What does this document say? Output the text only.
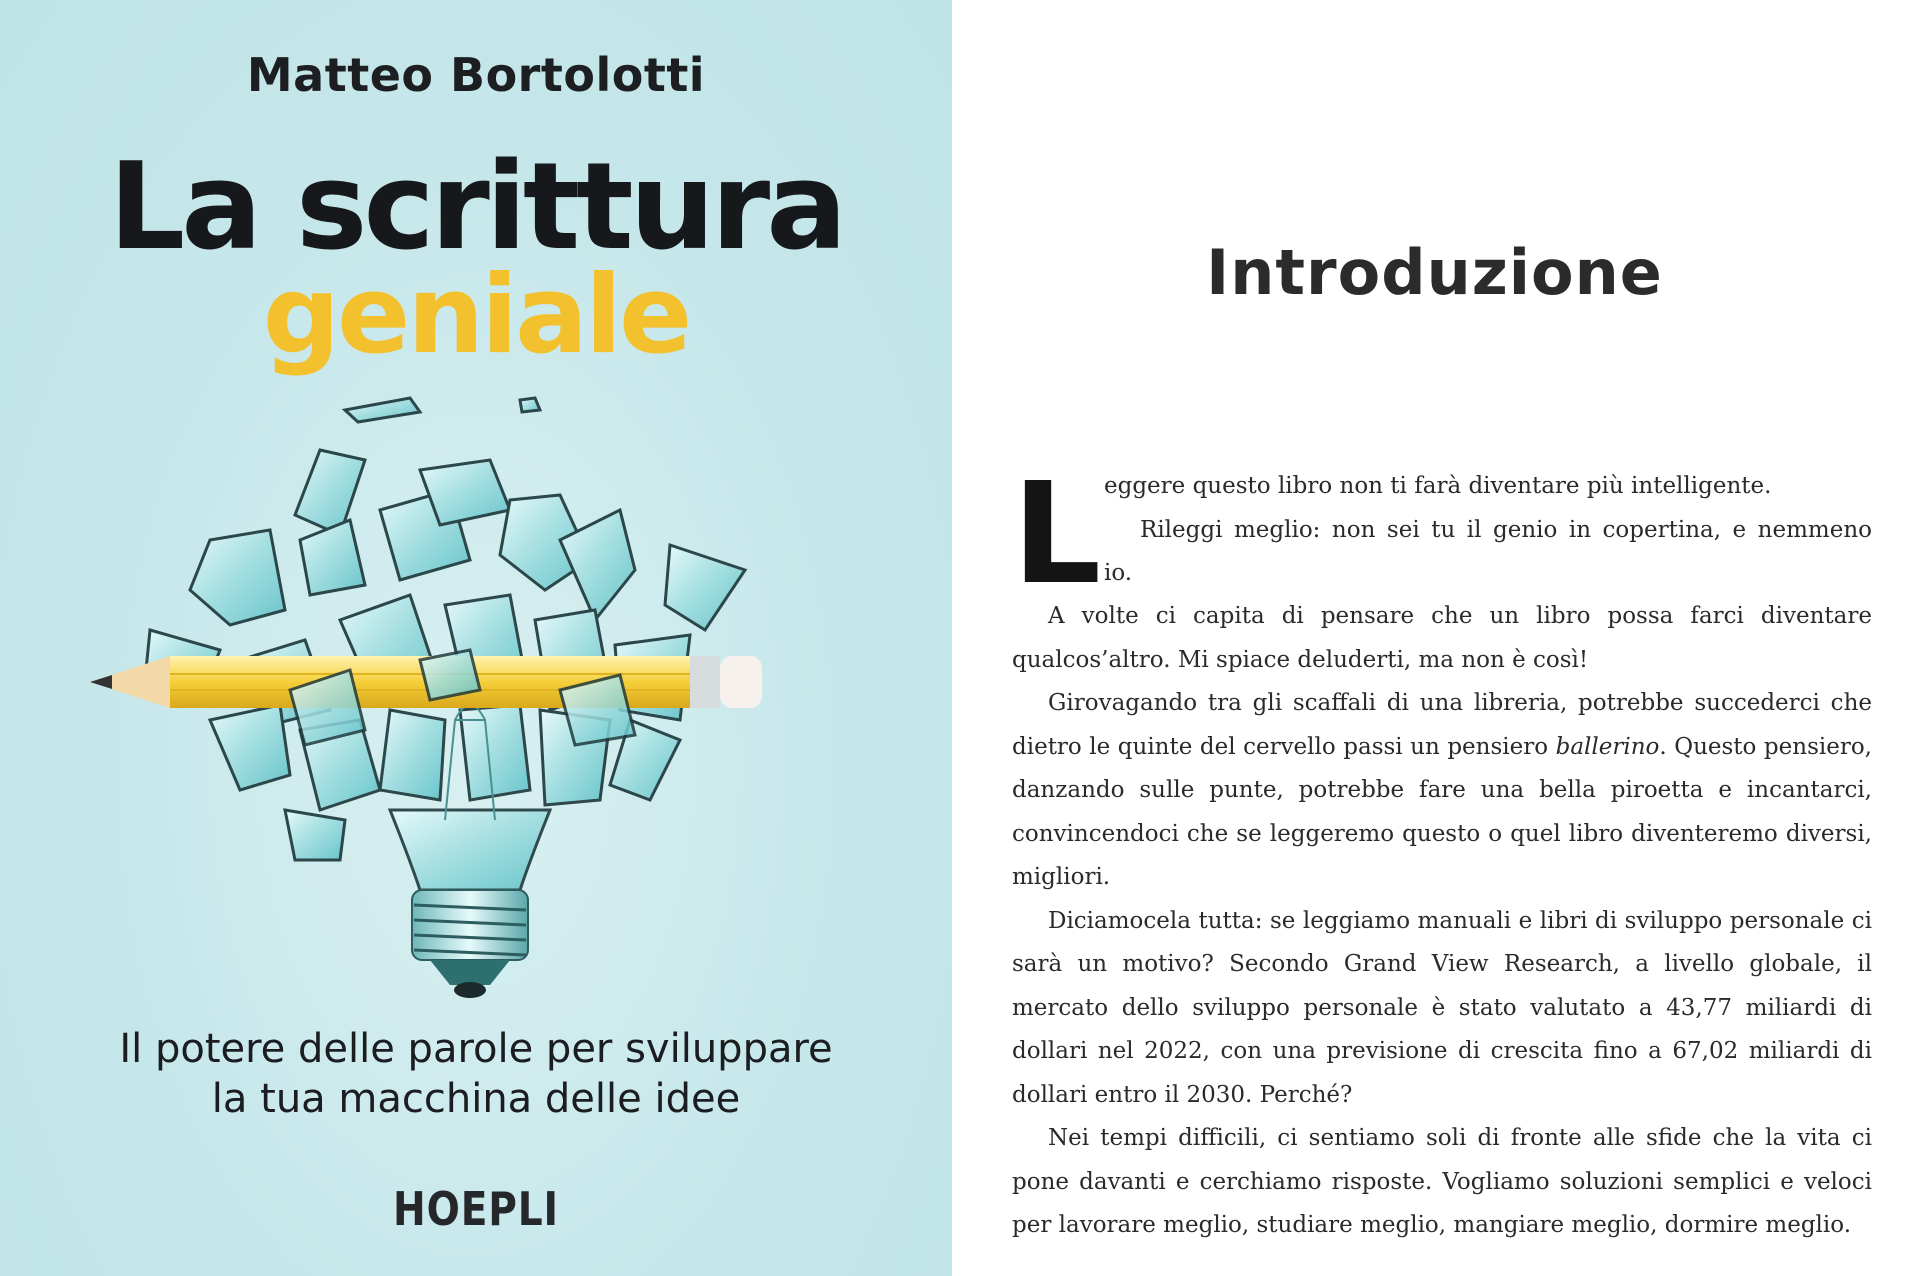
Matteo Bortolotti
La scrittura
geniale
Il potere delle parole per sviluppare
la tua macchina delle idee
HOEPLI
Introduzione
L eggere questo libro non ti farà diventare più intelligente.
Rileggi meglio: non sei tu il genio in copertina, e nemmeno
io.

A volte ci capita di pensare che un libro possa farci diventare qualcos’altro. Mi spiace deluderti, ma non è così!

Girovagando tra gli scaffali di una libreria, potrebbe succederci che dietro le quinte del cervello passi un pensiero ballerino. Questo pensiero, danzando sulle punte, potrebbe fare una bella piroetta e incantarci, convincendoci che se leggeremo questo o quel libro diventeremo diversi, migliori.

Diciamocela tutta: se leggiamo manuali e libri di sviluppo personale ci sarà un motivo? Secondo Grand View Research, a livello globale, il mercato dello sviluppo personale è stato valutato a 43,77 miliardi di dollari nel 2022, con una previsione di crescita fino a 67,02 miliardi di dollari entro il 2030. Perché?

Nei tempi difficili, ci sentiamo soli di fronte alle sfide che la vita ci pone davanti e cerchiamo risposte. Vogliamo soluzioni semplici e veloci per lavorare meglio, studiare meglio, mangiare meglio, dormire meglio.
